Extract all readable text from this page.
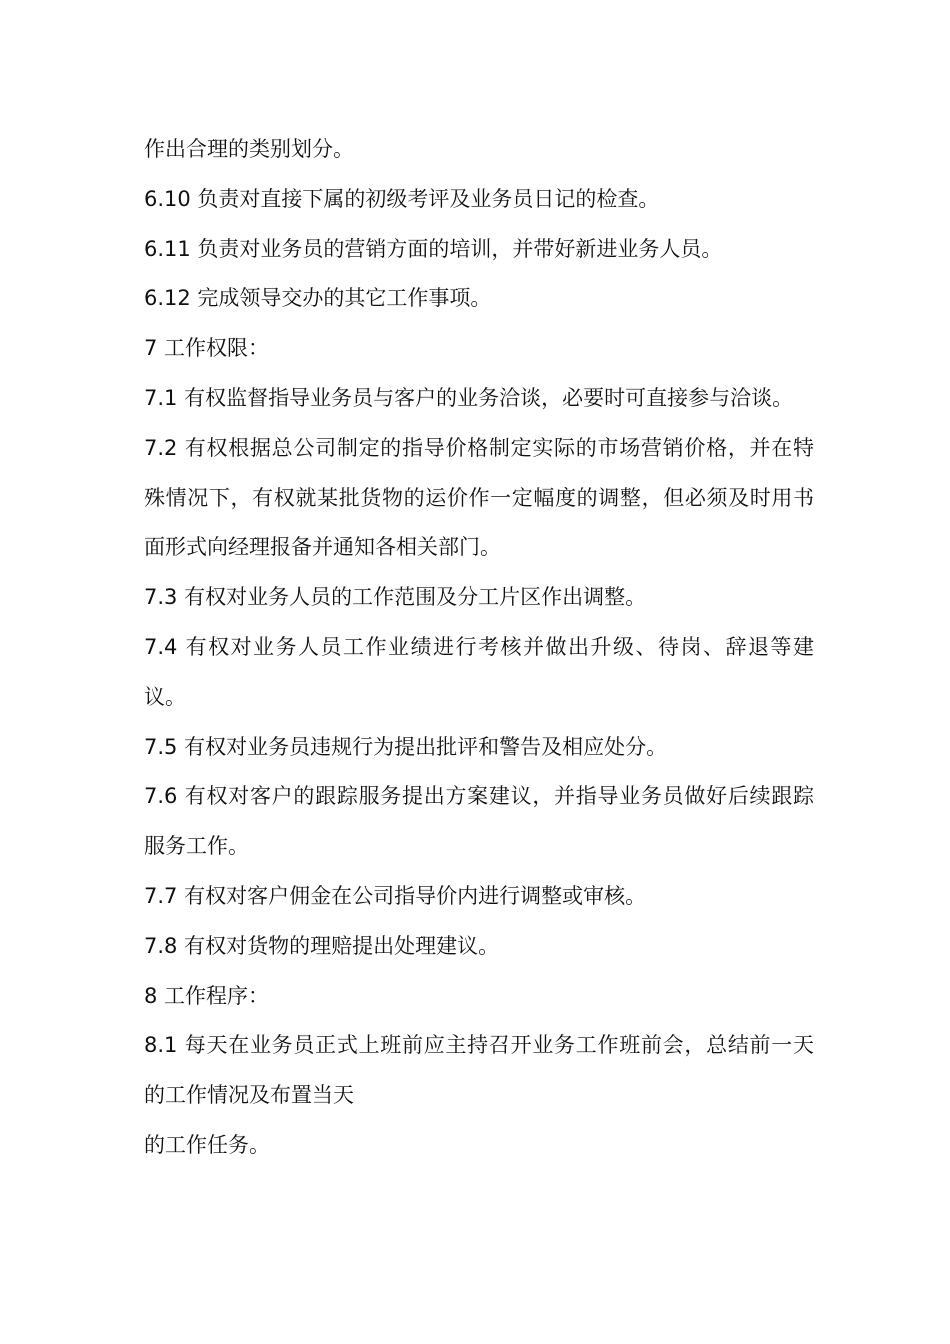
作出合理的类别划分。

6.10 负责对直接下属的初级考评及业务员日记的检查。

6.11 负责对业务员的营销方面的培训，并带好新进业务人员。

6.12 完成领导交办的其它工作事项。

7 工作权限：

7.1 有权监督指导业务员与客户的业务洽谈，必要时可直接参与洽谈。

7.2 有权根据总公司制定的指导价格制定实际的市场营销价格，并在特殊情况下，有权就某批货物的运价作一定幅度的调整，但必须及时用书面形式向经理报备并通知各相关部门。

7.3 有权对业务人员的工作范围及分工片区作出调整。

7.4 有权对业务人员工作业绩进行考核并做出升级、待岗、辞退等建议。

7.5 有权对业务员违规行为提出批评和警告及相应处分。

7.6 有权对客户的跟踪服务提出方案建议，并指导业务员做好后续跟踪服务工作。

7.7 有权对客户佣金在公司指导价内进行调整或审核。

7.8 有权对货物的理赔提出处理建议。

8 工作程序：

8.1 每天在业务员正式上班前应主持召开业务工作班前会，总结前一天的工作情况及布置当天

的工作任务。
